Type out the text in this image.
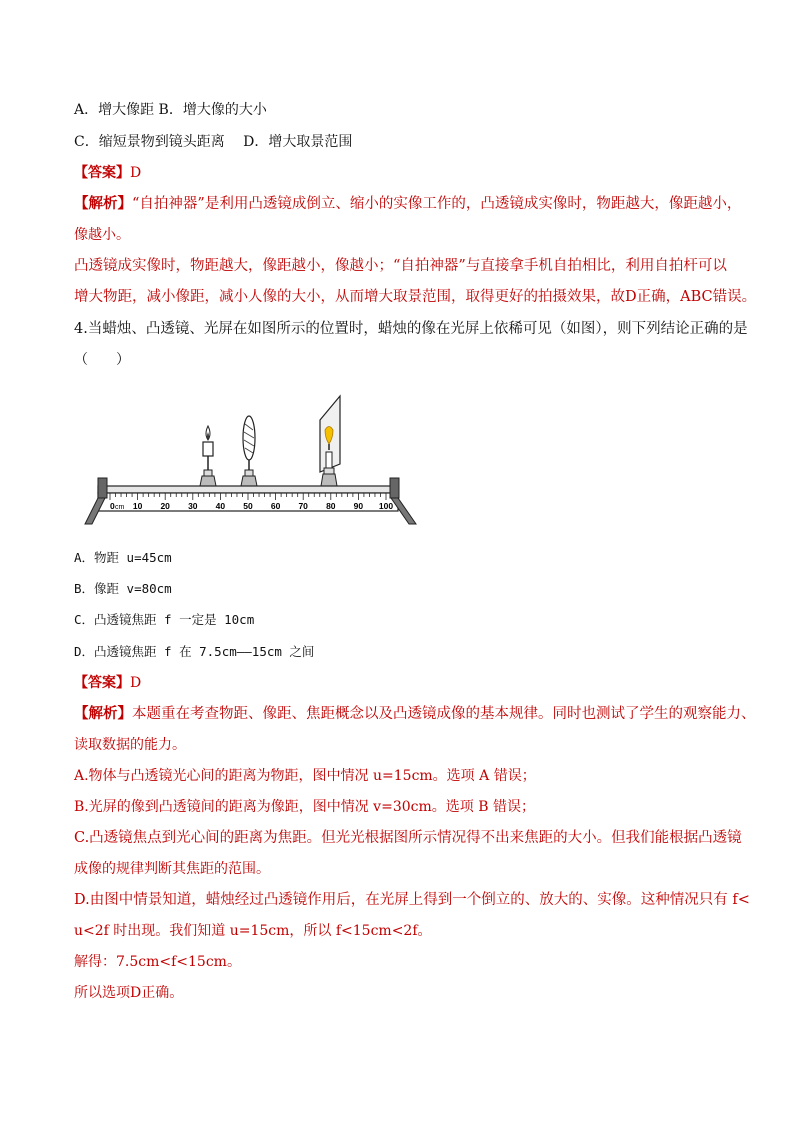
A．增大像距 B．增大像的大小
C．缩短景物到镜头距离　 D．增大取景范围
【答案】D
【解析】“自拍神器”是利用凸透镜成倒立、缩小的实像工作的，凸透镜成实像时，物距越大，像距越小，
像越小。
凸透镜成实像时，物距越大，像距越小，像越小；“自拍神器”与直接拿手机自拍相比，利用自拍杆可以
增大物距，减小像距，减小人像的大小，从而增大取景范围，取得更好的拍摄效果，故D正确，ABC错误。
4.当蜡烛、凸透镜、光屏在如图所示的位置时，蜡烛的像在光屏上依稀可见（如图），则下列结论正确的是
（　　）
0 10 20 30 40 50 60 70 80 90 100
cm
A．物距 u=45cm
B．像距 v=80cm
C．凸透镜焦距 f 一定是 10cm
D．凸透镜焦距 f 在 7.5cm——15cm 之间
【答案】D
【解析】本题重在考查物距、像距、焦距概念以及凸透镜成像的基本规律。同时也测试了学生的观察能力、
读取数据的能力。
A.物体与凸透镜光心间的距离为物距，图中情况 u=15cm。选项 A 错误；
B.光屏的像到凸透镜间的距离为像距，图中情况 v=30cm。选项 B 错误；
C.凸透镜焦点到光心间的距离为焦距。但光光根据图所示情况得不出来焦距的大小。但我们能根据凸透镜
成像的规律判断其焦距的范围。
D.由图中情景知道，蜡烛经过凸透镜作用后，在光屏上得到一个倒立的、放大的、实像。这种情况只有 f<
u<2f 时出现。我们知道 u=15cm，所以 f<15cm<2f。
解得：7.5cm<f<15cm。
所以选项D正确。
